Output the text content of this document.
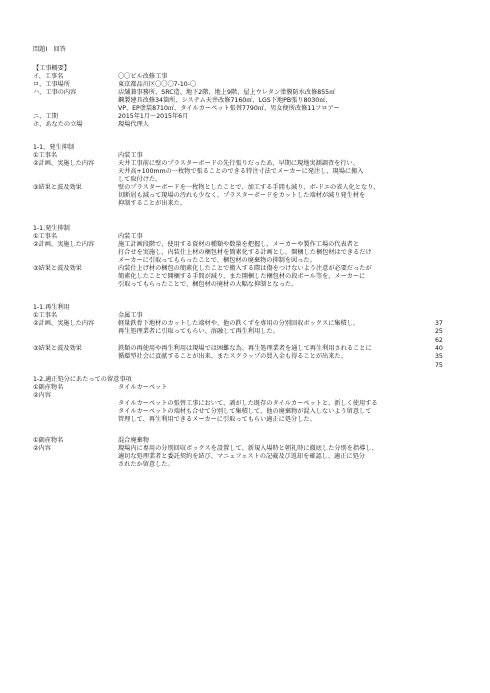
問題Ⅰ　回答
【工事概要】
イ、工事名	〇〇ビル改修工事
ロ、工事場所	東京都品川区〇〇〇7-10-〇
ハ、工事の内容	店舗兼事務所、SRC造、地下2階、地上9階、屋上ウレタン塗膜防水改修855㎡
鋼製建具改修34箇所、システム天井改修7160㎡、LGS下地PB張り8030㎡、
VP、EP塗装8710㎡、タイルカーペット張替7790㎡、男女便所改修11フロアー
ニ、工期	2015年1月～2015年6月
ホ、あなたの立場	現場代理人
1-1、発生抑制
①工事名	内装工事
②計画、実施した内容	天井工事前に壁のプラスターボードの先行張りだったあ、早期に現地実測調査を行い、
天井高+100mmの一枚物で張ることのできる特注寸法でメーカーに発注し、現場に搬入
して取付けた。
③結果と波及効果	壁のプラスターボードを一枚物としたことで、加工する手間も減り、ボ-ドエの省人化となり、
切断屑も減って現場の汚れも少なく、プラスターボードをカットした端材が減り発生材を
抑制することが出来た。
1-1.発生抑制
①工事名	内装工事
②計画、実施した内容	施工計画段階で、使用する資材の種類や数量を把握し、メーカーや製作工場の代表者と
打合せを実施し、内装仕上材の梱包材を簡素化する計画とし、開梱した梱包材はできるだけ
メーカーに引取ってもらったことで、梱包材の廃棄物の抑制を図った。
③結果と波及効果	内装仕上げ材の梱包の簡素化したことで搬入する際は傷をつけないよう注意が必要だったが
簡素化したことで開梱する手間が減り、また開梱した梱包材の段ボール等を、メーカーに
引取ってもらったことで、梱包材の廃材の大幅な抑制となった。
1-1.再生利用
①工事名	金属工事
②計画、実施した内容	軽量鉄骨下地材のカットした端材や、他の鉄くずを専用の分別回収ボックスに集積し、
再生処理業者に引取ってもらい、溶融して再生利用した。
③結果と波及効果	鉄類の再使用や再生利用は現場では困難な為、再生処理業者を通して再生利用されることに
循環型社会に貢献することが出来、またスクラップの買入金も得ることが出来た。
37
25
62
40
35
75
1-2.適正処分にあたっての留意事項
①副産物名	タイルカーペット
②内容
タイルカーペットの張替工事において、剥がした既存のタイルカーペットと、新しく使用する
タイルカーペットの端材も合せて分別して集積して、他の廃棄物が混入しないよう留意して
管理して、再生利用できるメーカーに引取ってもらい適正に処分した。
①副産物名	混合廃棄物
②内容	現場内に専用の分別回収ボックスを設置して、新規入場時と朝礼時に徹底した分別を指導し、
適切な処理業者と委託契約を結び、マニュフェストの記載及び返却を確認し、適正に処分
されたか留意した。
